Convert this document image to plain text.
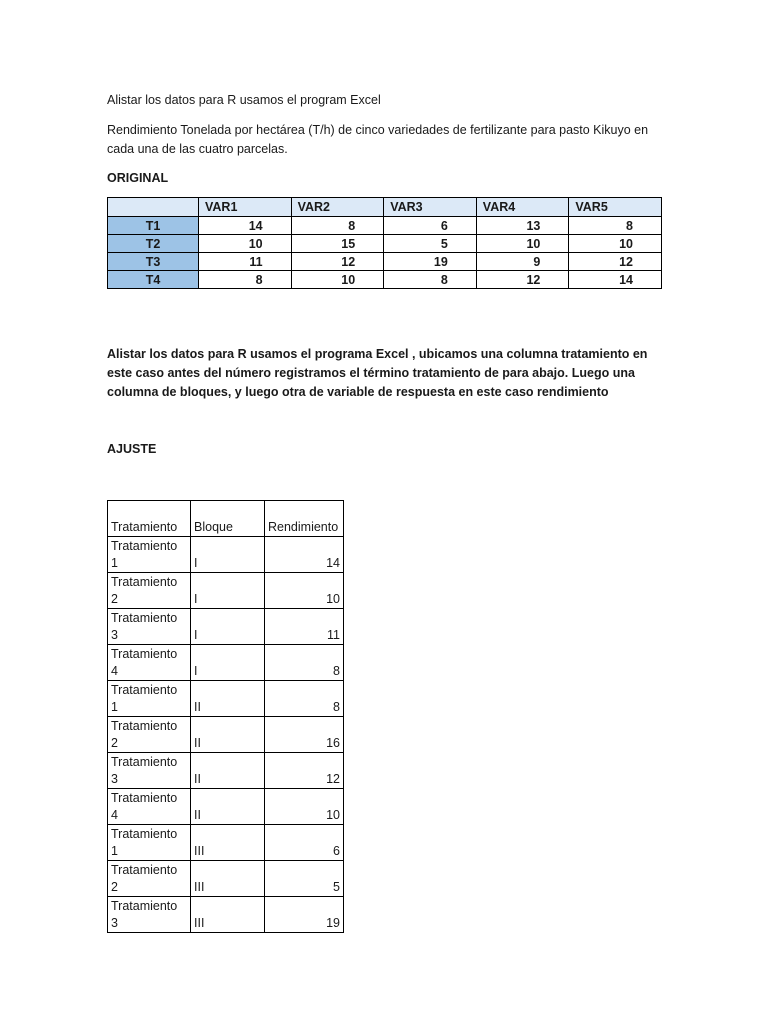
Alistar los datos para R usamos el program Excel
Rendimiento Tonelada por hectárea (T/h) de cinco variedades de fertilizante para pasto Kikuyo en cada una de las cuatro parcelas.
ORIGINAL
	VAR1	VAR2	VAR3	VAR4	VAR5
T1	14	8	6	13	8
T2	10	15	5	10	10
T3	11	12	19	9	12
T4	8	10	8	12	14
Alistar los datos para R usamos el programa Excel , ubicamos una columna tratamiento en este caso antes del número registramos el término tratamiento de para abajo. Luego una columna de bloques, y luego otra de variable de respuesta en este caso rendimiento
AJUSTE
Tratamiento	Bloque	Rendimiento
Tratamiento
1	I	14
Tratamiento
2	I	10
Tratamiento
3	I	11
Tratamiento
4	I	8
Tratamiento
1	II	8
Tratamiento
2	II	16
Tratamiento
3	II	12
Tratamiento
4	II	10
Tratamiento
1	III	6
Tratamiento
2	III	5
Tratamiento
3	III	19
